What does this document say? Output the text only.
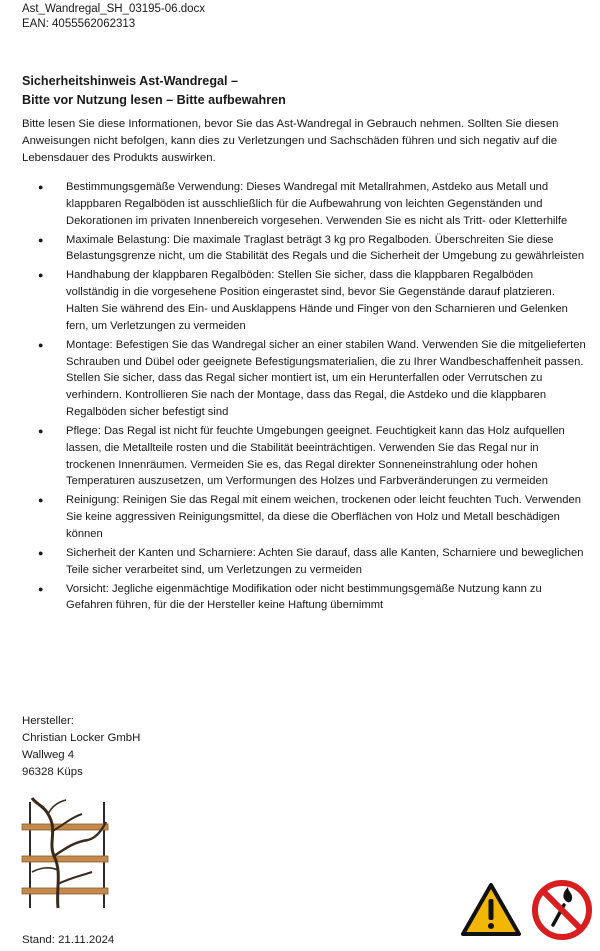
Ast_Wandregal_SH_03195-06.docx
EAN: 4055562062313
Sicherheitshinweis Ast-Wandregal –
Bitte vor Nutzung lesen – Bitte aufbewahren
Bitte lesen Sie diese Informationen, bevor Sie das Ast-Wandregal in Gebrauch nehmen. Sollten Sie diesen Anweisungen nicht befolgen, kann dies zu Verletzungen und Sachschäden führen und sich negativ auf die Lebensdauer des Produkts auswirken.
● Bestimmungsgemäße Verwendung: Dieses Wandregal mit Metallrahmen, Astdeko aus Metall und klappbaren Regalböden ist ausschließlich für die Aufbewahrung von leichten Gegenständen und Dekorationen im privaten Innenbereich vorgesehen. Verwenden Sie es nicht als Tritt- oder Kletterhilfe
● Maximale Belastung: Die maximale Traglast beträgt 3 kg pro Regalboden. Überschreiten Sie diese Belastungsgrenze nicht, um die Stabilität des Regals und die Sicherheit der Umgebung zu gewährleisten
● Handhabung der klappbaren Regalböden: Stellen Sie sicher, dass die klappbaren Regalböden vollständig in die vorgesehene Position eingerastet sind, bevor Sie Gegenstände darauf platzieren. Halten Sie während des Ein- und Ausklappens Hände und Finger von den Scharnieren und Gelenken fern, um Verletzungen zu vermeiden
● Montage: Befestigen Sie das Wandregal sicher an einer stabilen Wand. Verwenden Sie die mitgelieferten Schrauben und Dübel oder geeignete Befestigungsmaterialien, die zu Ihrer Wandbeschaffenheit passen. Stellen Sie sicher, dass das Regal sicher montiert ist, um ein Herunterfallen oder Verrutschen zu verhindern. Kontrollieren Sie nach der Montage, dass das Regal, die Astdeko und die klappbaren Regalböden sicher befestigt sind
● Pflege: Das Regal ist nicht für feuchte Umgebungen geeignet. Feuchtigkeit kann das Holz aufquellen lassen, die Metallteile rosten und die Stabilität beeinträchtigen. Verwenden Sie das Regal nur in trockenen Innenräumen. Vermeiden Sie es, das Regal direkter Sonneneinstrahlung oder hohen Temperaturen auszusetzen, um Verformungen des Holzes und Farbveränderungen zu vermeiden
● Reinigung: Reinigen Sie das Regal mit einem weichen, trockenen oder leicht feuchten Tuch. Verwenden Sie keine aggressiven Reinigungsmittel, da diese die Oberflächen von Holz und Metall beschädigen können
● Sicherheit der Kanten und Scharniere: Achten Sie darauf, dass alle Kanten, Scharniere und beweglichen Teile sicher verarbeitet sind, um Verletzungen zu vermeiden
● Vorsicht: Jegliche eigenmächtige Modifikation oder nicht bestimmungsgemäße Nutzung kann zu Gefahren führen, für die der Hersteller keine Haftung übernimmt
Hersteller:
Christian Locker GmbH
Wallweg 4
96328 Küps
Stand: 21.11.2024
